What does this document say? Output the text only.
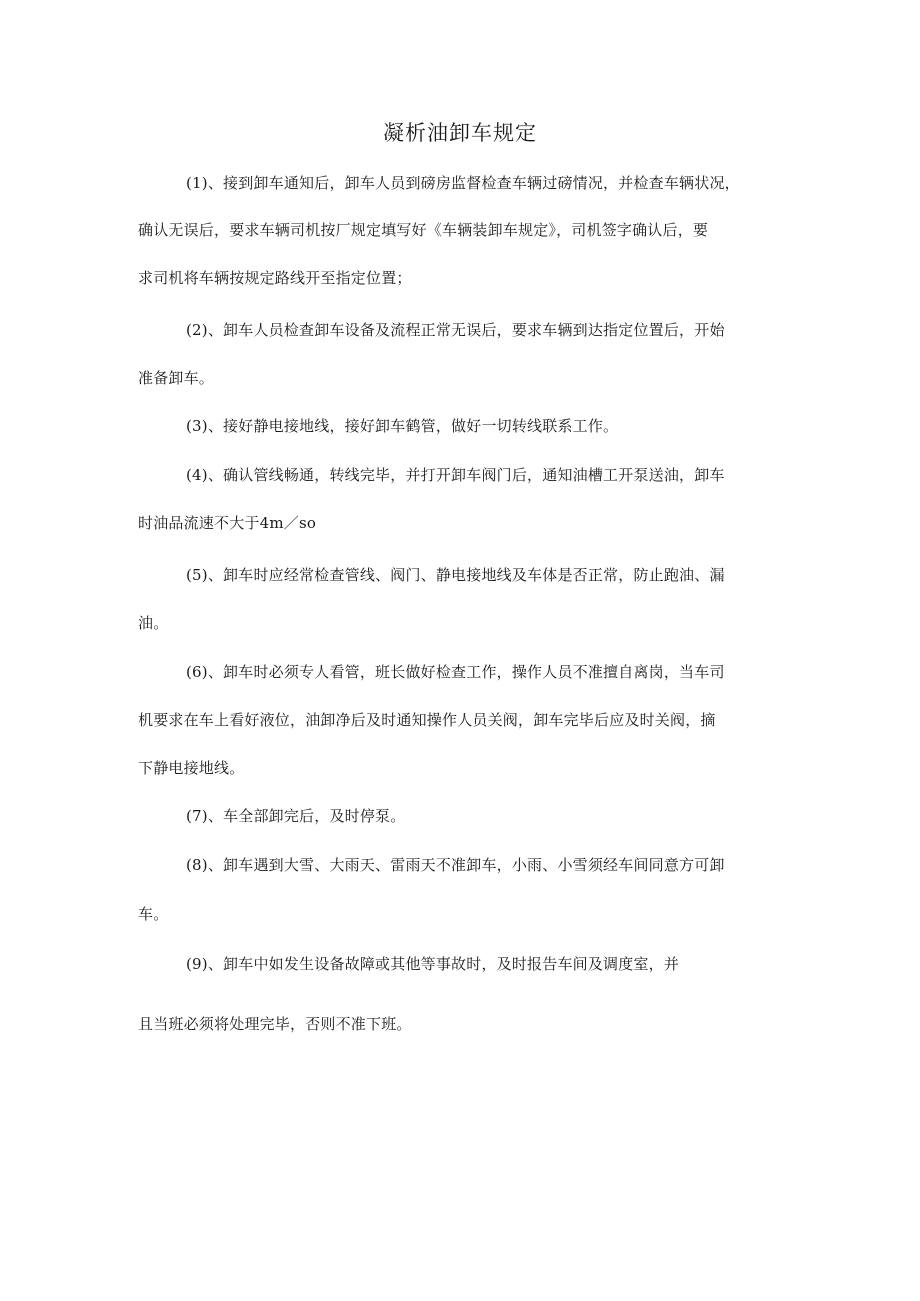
凝析油卸车规定
(1)、接到卸车通知后，卸车人员到磅房监督检查车辆过磅情况，并检查车辆状况，
确认无误后，要求车辆司机按厂规定填写好《车辆装卸车规定》，司机签字确认后，要
求司机将车辆按规定路线开至指定位置；
(2)、卸车人员检查卸车设备及流程正常无误后，要求车辆到达指定位置后，开始
准备卸车。
(3)、接好静电接地线，接好卸车鹤管，做好一切转线联系工作。
(4)、确认管线畅通，转线完毕，并打开卸车阀门后，通知油槽工开泵送油，卸车
时油品流速不大于4m／so
(5)、卸车时应经常检查管线、阀门、静电接地线及车体是否正常，防止跑油、漏
油。
(6)、卸车时必须专人看管，班长做好检查工作，操作人员不准擅自离岗，当车司
机要求在车上看好液位，油卸净后及时通知操作人员关阀，卸车完毕后应及时关阀，摘
下静电接地线。
(7)、车全部卸完后，及时停泵。
(8)、卸车遇到大雪、大雨天、雷雨天不准卸车，小雨、小雪须经车间同意方可卸
车。
(9)、卸车中如发生设备故障或其他等事故时，及时报告车间及调度室，并
且当班必须将处理完毕，否则不准下班。
